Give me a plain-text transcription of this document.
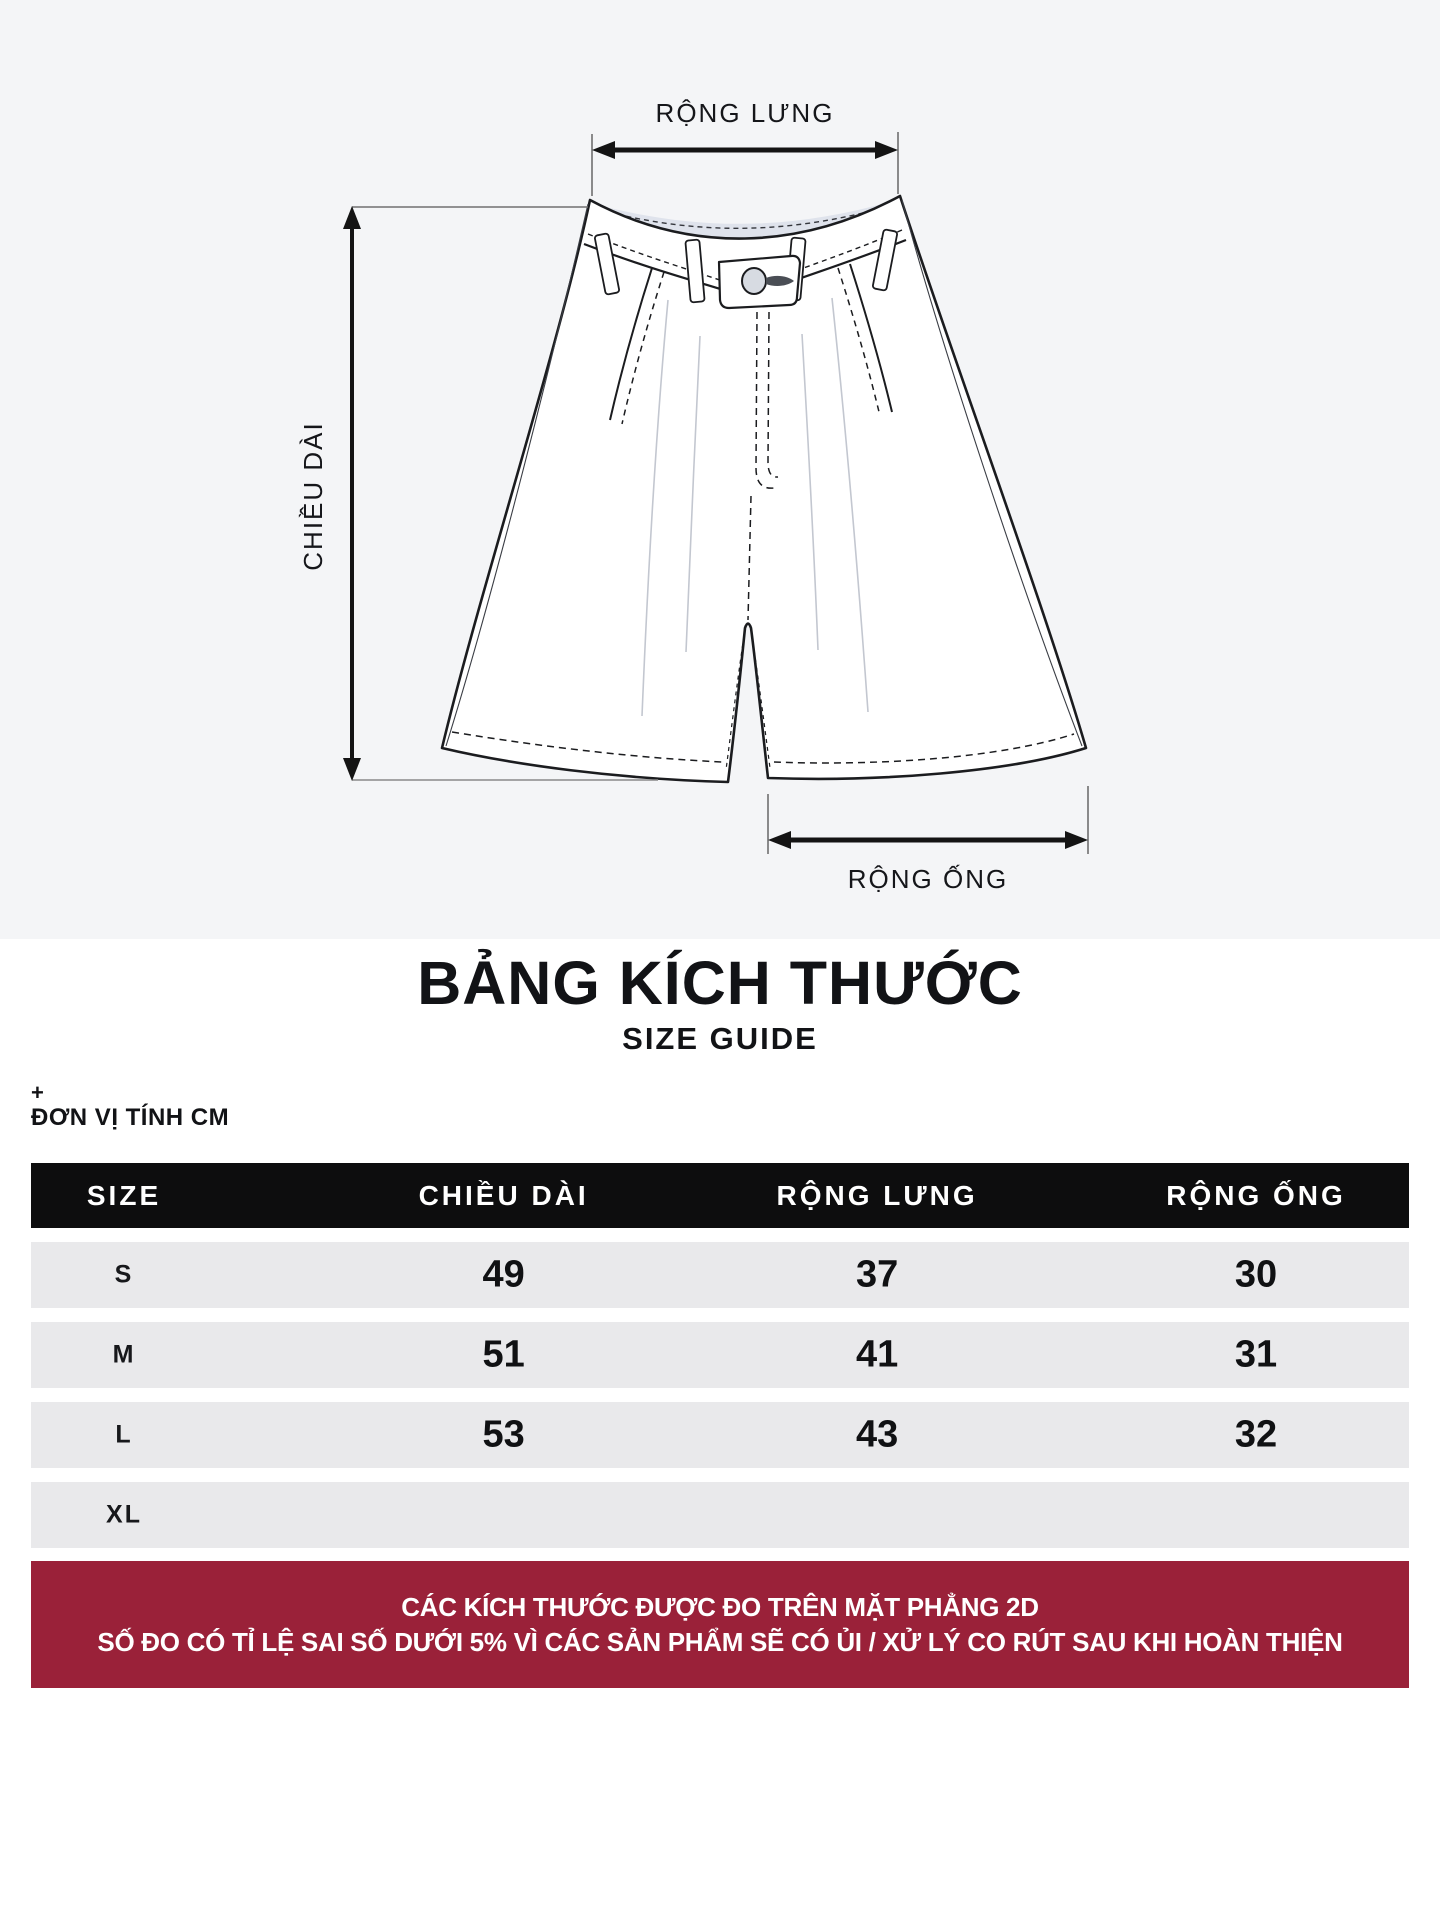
RỘNG LƯNG
CHIỀU DÀI
RỘNG ỐNG
BẢNG KÍCH THƯỚC
SIZE GUIDE
+
ĐƠN VỊ TÍNH CM
SIZE	CHIỀU DÀI	RỘNG LƯNG	RỘNG ỐNG
S	49	37	30
M	51	41	31
L	53	43	32
XL
CÁC KÍCH THƯỚC ĐƯỢC ĐO TRÊN MẶT PHẲNG 2D
SỐ ĐO CÓ TỈ LỆ SAI SỐ DƯỚI 5% VÌ CÁC SẢN PHẨM SẼ CÓ ỦI / XỬ LÝ CO RÚT SAU KHI HOÀN THIỆN
